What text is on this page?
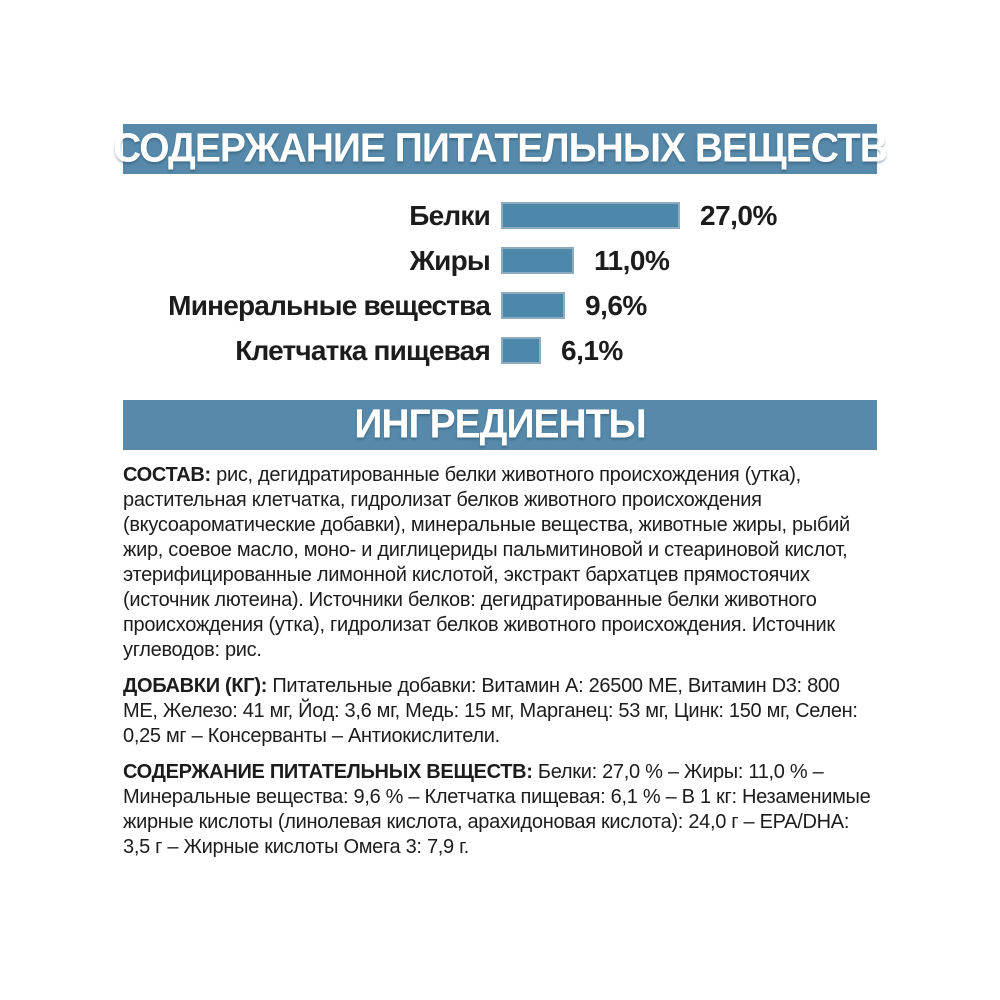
СОДЕРЖАНИЕ ПИТАТЕЛЬНЫХ ВЕЩЕСТВ
Белки	27,0%
Жиры	11,0%
Минеральные вещества	9,6%
Клетчатка пищевая	6,1%
ИНГРЕДИЕНТЫ

СОСТАВ: рис, дегидратированные белки животного происхождения (утка), растительная клетчатка, гидролизат белков животного происхождения (вкусоароматические добавки), минеральные вещества, животные жиры, рыбий жир, соевое масло, моно- и диглицериды пальмитиновой и стеариновой кислот, этерифицированные лимонной кислотой, экстракт бархатцев прямостоячих (источник лютеина). Источники белков: дегидратированные белки животного происхождения (утка), гидролизат белков животного происхождения. Источник углеводов: рис.

ДОБАВКИ (КГ): Питательные добавки: Витамин А: 26500 МЕ, Витамин D3: 800 МЕ, Железо: 41 мг, Йод: 3,6 мг, Медь: 15 мг, Марганец: 53 мг, Цинк: 150 мг, Селен: 0,25 мг – Консерванты – Антиокислители.

СОДЕРЖАНИЕ ПИТАТЕЛЬНЫХ ВЕЩЕСТВ: Белки: 27,0 % – Жиры: 11,0 % – Минеральные вещества: 9,6 % – Клетчатка пищевая: 6,1 % – В 1 кг: Незаменимые жирные кислоты (линолевая кислота, арахидоновая кислота): 24,0 г – EPA/DHA: 3,5 г – Жирные кислоты Омега 3: 7,9 г.
